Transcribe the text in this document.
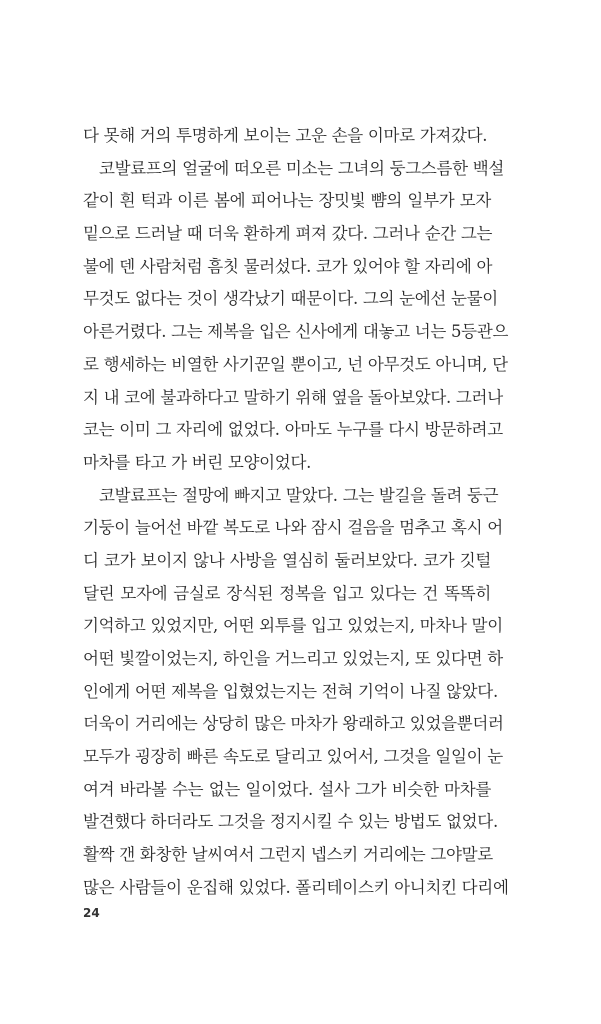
다 못해 거의 투명하게 보이는 고운 손을 이마로 가져갔다.
코발료프의 얼굴에 떠오른 미소는 그녀의 둥그스름한 백설
같이 흰 턱과 이른 봄에 피어나는 장밋빛 뺨의 일부가 모자
밑으로 드러날 때 더욱 환하게 펴져 갔다. 그러나 순간 그는
불에 덴 사람처럼 흠칫 물러섰다. 코가 있어야 할 자리에 아
무것도 없다는 것이 생각났기 때문이다. 그의 눈에선 눈물이
아른거렸다. 그는 제복을 입은 신사에게 대놓고 너는 5등관으
로 행세하는 비열한 사기꾼일 뿐이고, 넌 아무것도 아니며, 단
지 내 코에 불과하다고 말하기 위해 옆을 돌아보았다. 그러나
코는 이미 그 자리에 없었다. 아마도 누구를 다시 방문하려고
마차를 타고 가 버린 모양이었다.
코발료프는 절망에 빠지고 말았다. 그는 발길을 돌려 둥근
기둥이 늘어선 바깥 복도로 나와 잠시 걸음을 멈추고 혹시 어
디 코가 보이지 않나 사방을 열심히 둘러보았다. 코가 깃털
달린 모자에 금실로 장식된 정복을 입고 있다는 건 똑똑히
기억하고 있었지만, 어떤 외투를 입고 있었는지, 마차나 말이
어떤 빛깔이었는지, 하인을 거느리고 있었는지, 또 있다면 하
인에게 어떤 제복을 입혔었는지는 전혀 기억이 나질 않았다.
더욱이 거리에는 상당히 많은 마차가 왕래하고 있었을뿐더러
모두가 굉장히 빠른 속도로 달리고 있어서, 그것을 일일이 눈
여겨 바라볼 수는 없는 일이었다. 설사 그가 비슷한 마차를
발견했다 하더라도 그것을 정지시킬 수 있는 방법도 없었다.
활짝 갠 화창한 날씨여서 그런지 넵스키 거리에는 그야말로
많은 사람들이 운집해 있었다. 폴리테이스키 아니치킨 다리에
24
